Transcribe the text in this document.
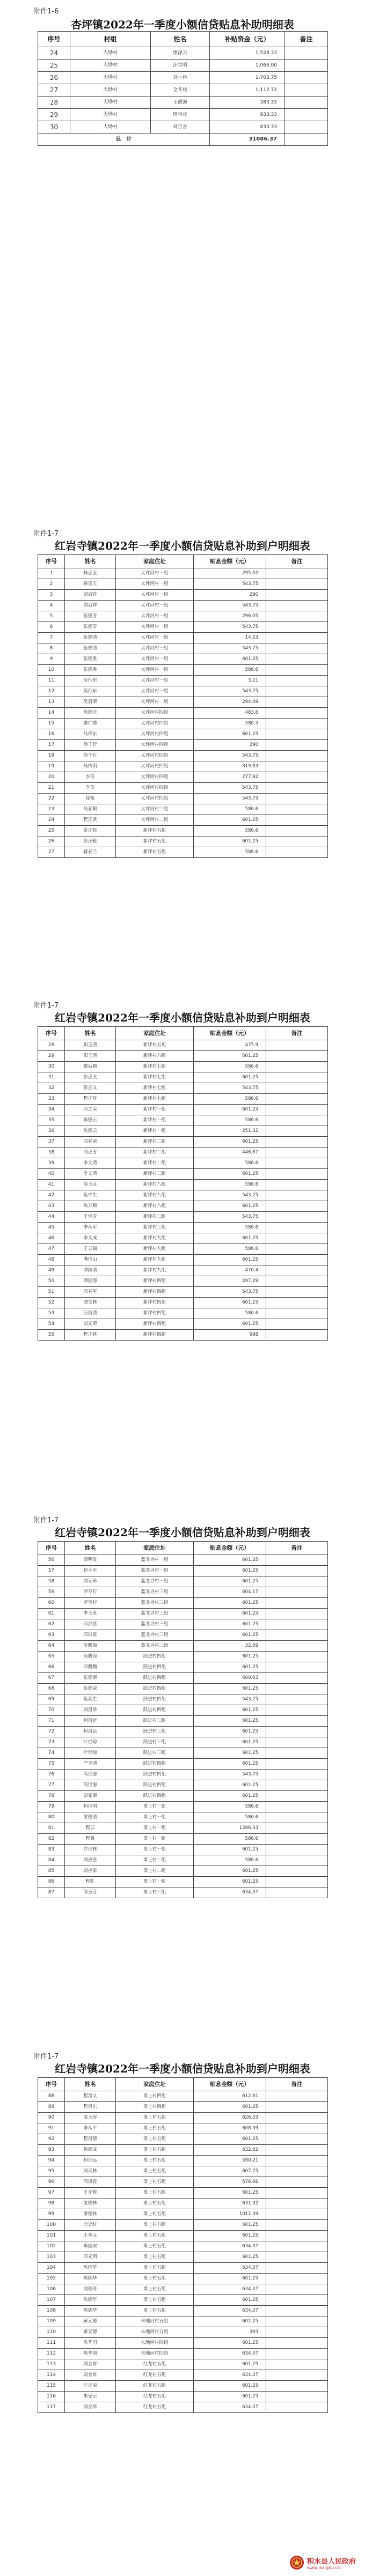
附件1-6
杏坪镇2022年一季度小额信贷贴息补助明细表
序号	村组	姓名	补贴资金（元）	备注
24	大坳村	康泽云	1,528.33	
25	大坳村	汪堂明	1,066.00	
26	大坳村	刘小林	1,703.75	
27	大坳村	全冬枝	1,112.72	
28	大坳村	王德海	383.33	
29	大坳村	唐吉祥	933.33	
30	大坳村	刘吉香	833.33	
总　计			31086.37	
附件1-7
红岩寺镇2022年一季度小额信贷贴息补助到户明细表
序号	姓名	家庭住址	贴息金额（元）	备注
1	杨彦玉	太坪河村一组	295.02	
2	杨彦玉	太坪河村一组	543.75	
3	刘启祥	太坪河村一组	290	
4	刘启祥	太坪河村一组	543.75	
5	伍德芳	太坪河村一组	296.05	
6	伍德芳	太坪河村一组	543.75	
7	伍德清	太坪河村一组	14.53	
8	伍德清	太坪河村一组	543.75	
9	伍德胜	太坪河村一组	601.25	
10	伍德胜	太坪河村一组	586.6	
11	吴行东	太坪河村一组	3.21	
12	吴行东	太坪河村一组	543.75	
13	吴启荣	太坪河村一组	294.09	
14	陈德庆	太坪河村四组	483.6	
15	滕仁德	太坪河村四组	580.5	
16	马祥东	太坪河村四组	601.25	
17	徐千行	太坪河村四组	290	
18	徐千行	太坪河村四组	543.75	
19	马传明	太坪河村四组	319.83	
20	李芳	太坪河村四组	277.92	
21	李芳	太坪河村四组	543.75	
22	徐祖	太坪河村四组	543.75	
23	马春顺	太坪河村二组	586.6	
24	程正武	太坪河村二组	601.25	
25	彭正轮	新坪村五组	586.6	
26	彭正轮	新坪村五组	601.25	
27	蒋春兰	新坪村五组	586.6	
附件1-7
红岩寺镇2022年一季度小额信贷贴息补助到户明细表
序号	姓名	家庭住址	贴息金额（元）	备注
28	阳玉清	新坪村五组	475.9	
29	阳玉清	新坪村六组	601.25	
30	滕后顺	新坪村七组	586.6	
31	彭正文	新坪村七组	601.25	
32	彭正文	新坪村七组	543.75	
33	程正祥	新坪村七组	586.6	
34	邓之荣	新坪村一组	601.25	
35	陈德云	新坪村一组	586.6	
36	陈德云	新坪村一组	251.32	
37	邓春荣	新坪村二组	601.25	
38	向正芳	新坪村二组	446.87	
39	李文清	新坪村二组	586.6	
40	李文清	新坪村三组	601.25	
41	邹玉芬	新坪村八组	586.6	
42	伍中生	新坪村八组	543.75	
43	陈万顺	新坪村八组	601.25	
44	王世芳	新坪村三组	543.75	
45	李从军	新坪村三组	586.6	
46	李文成	新坪村九组	601.25	
47	王云福	新坪村九组	586.6	
48	满世山	新坪村九组	601.25	
49	谭国清	新坪村九组	476.4	
50	谭国海	新坪村四组	497.29	
51	邓春军	新坪村四组	543.75	
52	谭文林	新坪村四组	601.25	
53	汪海清	新坪村四组	586.6	
54	刘光荣	新坪村四组	601.25	
55	程正林	新坪村四组	998	
附件1-7
红岩寺镇2022年一季度小额信贷贴息补助到户明细表
序号	姓名	家庭住址	贴息金额（元）	备注
56	谭明发	蓝龙寺村一组	601.25	
57	赵小平	蓝龙寺村一组	601.25	
58	刘元珍	蓝龙寺村一组	601.25	
59	罗亨行	蓝龙寺村三组	604.17	
60	罗亨行	蓝龙寺村三组	601.25	
61	李玉英	蓝龙寺村三组	601.25	
62	邓洪富	蓝龙寺村三组	601.25	
63	邓洪富	蓝龙寺村三组	601.25	
64	吴腾海	蓝龙寺村三组	32.09	
65	吴腾海	跃进村四组	601.25	
66	邓腾魏	跃进村四组	601.25	
67	伍德荣	跃进村四组	600.63	
68	伍德荣	跃进村四组	601.25	
69	伍高生	跃进村四组	543.75	
70	刘昌珍	跃进村四组	601.25	
71	柯昌远	跃进村三组	601.25	
72	柯昌远	跃进村三组	601.25	
73	叶世琼	跃进村三组	601.25	
74	叶世琼	跃进村三组	601.25	
75	严亨清	跃进村四组	601.25	
76	高世源	跃进村四组	543.75	
77	高世源	跃进村四组	601.25	
78	刘家荣	跃进村四组	601.25	
79	柯世明	事上村一组	586.6	
80	梁德清	事上村一组	586.6	
81	程云	事上村一组	1286.33	
82	程鑫	事上村一组	586.6	
83	许世林	事上村一组	601.25	
84	刘应富	事上村二组	586.6	
85	刘应富	事上村二组	601.25	
86	程扎	事上村一组	601.25	
87	邹玉芬	事上村三组	634.37	
附件1-7
红岩寺镇2022年一季度小额信贷贴息补助到户明细表
序号	姓名	家庭住址	贴息金额（元）	备注
88	程昌文	事上村四组	612.61	
89	程昌东	事上村四组	601.25	
90	邹玉容	事上村五组	626.33	
91	李从平	事上村五组	608.39	
92	程昌德	事上村五组	601.25	
93	杨德成	事上村五组	632.02	
94	柯世远	事上村五组	590.21	
95	刘天林	事上村五组	607.75	
96	周凤花	事上村五组	576.66	
97	王光辉	事上村五组	601.25	
98	梁德林	事上村五组	631.02	
99	梁德林	事上村五组	1011.39	
100	元忠红	事上村五组	601.25	
101	王本元	事上村五组	601.25	
102	陈国安	事上村五组	634.37	
103	邓光明	事上村五组	601.25	
104	陈国华	事上村五组	634.37	
105	陈国华	事上村五组	601.25	
106	刘德奇	事上村五组	634.37	
107	陈德华	事上村五组	601.25	
108	陈德华	事上村五组	634.37	
109	黄元德	朱地河村五组	601.25	
110	黄元德	朱地河村五组	393	
111	陈华国	朱地河村四组	601.25	
112	陈华国	朱地河村四组	634.37	
113	刘金财	红龙村五组	601.25	
114	刘金财	红龙村五组	634.37	
115	汪正荣	红龙村五组	601.25	
116	朱家云	红龙村五组	601.25	
117	刘金华	红龙村五组	634.37	
积水县人民政府
www.jsx.gov.cn
